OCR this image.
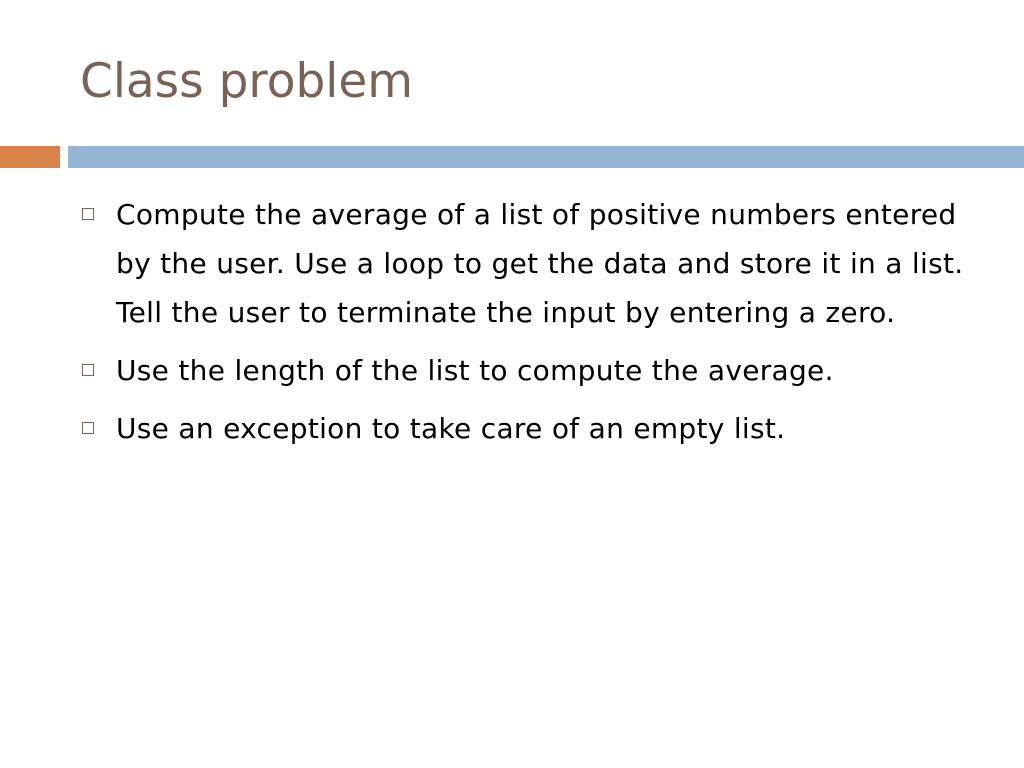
Class problem
Compute the average of a list of positive numbers entered by the user. Use a loop to get the data and store it in a list. Tell the user to terminate the input by entering a zero.
Use the length of the list to compute the average.
Use an exception to take care of an empty list.
